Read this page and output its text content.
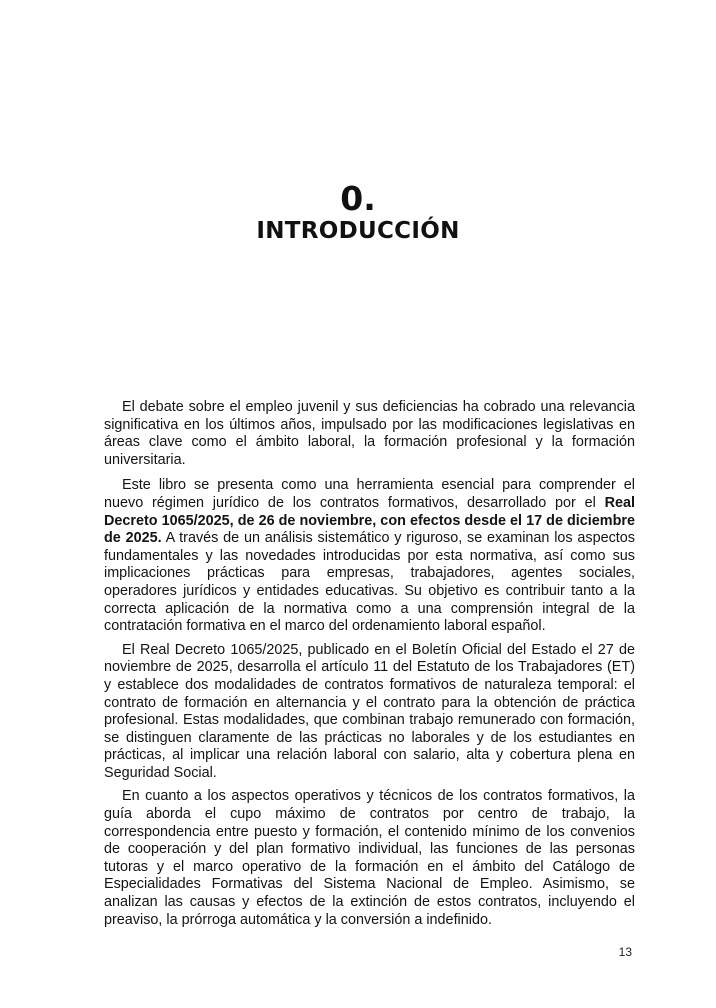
0.
INTRODUCCIÓN

El debate sobre el empleo juvenil y sus deficiencias ha cobrado una relevancia significativa en los últimos años, impulsado por las modificaciones legislativas en áreas clave como el ámbito laboral, la formación profesional y la formación universitaria.

Este libro se presenta como una herramienta esencial para comprender el nuevo régimen jurídico de los contratos formativos, desarrollado por el Real Decreto 1065/2025, de 26 de noviembre, con efectos desde el 17 de diciembre de 2025. A través de un análisis sistemático y riguroso, se examinan los aspectos fundamentales y las novedades introducidas por esta normativa, así como sus implicaciones prácticas para empresas, trabajadores, agentes sociales, operadores jurídicos y entidades educativas. Su objetivo es contribuir tanto a la correcta aplicación de la normativa como a una comprensión integral de la contratación formativa en el marco del ordenamiento laboral español.

El Real Decreto 1065/2025, publicado en el Boletín Oficial del Estado el 27 de noviembre de 2025, desarrolla el artículo 11 del Estatuto de los Trabajadores (ET) y establece dos modalidades de contratos formativos de naturaleza temporal: el contrato de formación en alternancia y el contrato para la obtención de práctica profesional. Estas modalidades, que combinan trabajo remunerado con formación, se distinguen claramente de las prácticas no laborales y de los estudiantes en prácticas, al implicar una relación laboral con salario, alta y cobertura plena en Seguridad Social.

En cuanto a los aspectos operativos y técnicos de los contratos formativos, la guía aborda el cupo máximo de contratos por centro de trabajo, la correspondencia entre puesto y formación, el contenido mínimo de los convenios de cooperación y del plan formativo individual, las funciones de las personas tutoras y el marco operativo de la formación en el ámbito del Catálogo de Especialidades Formativas del Sistema Nacional de Empleo. Asimismo, se analizan las causas y efectos de la extinción de estos contratos, incluyendo el preaviso, la prórroga automática y la conversión a indefinido.

13
